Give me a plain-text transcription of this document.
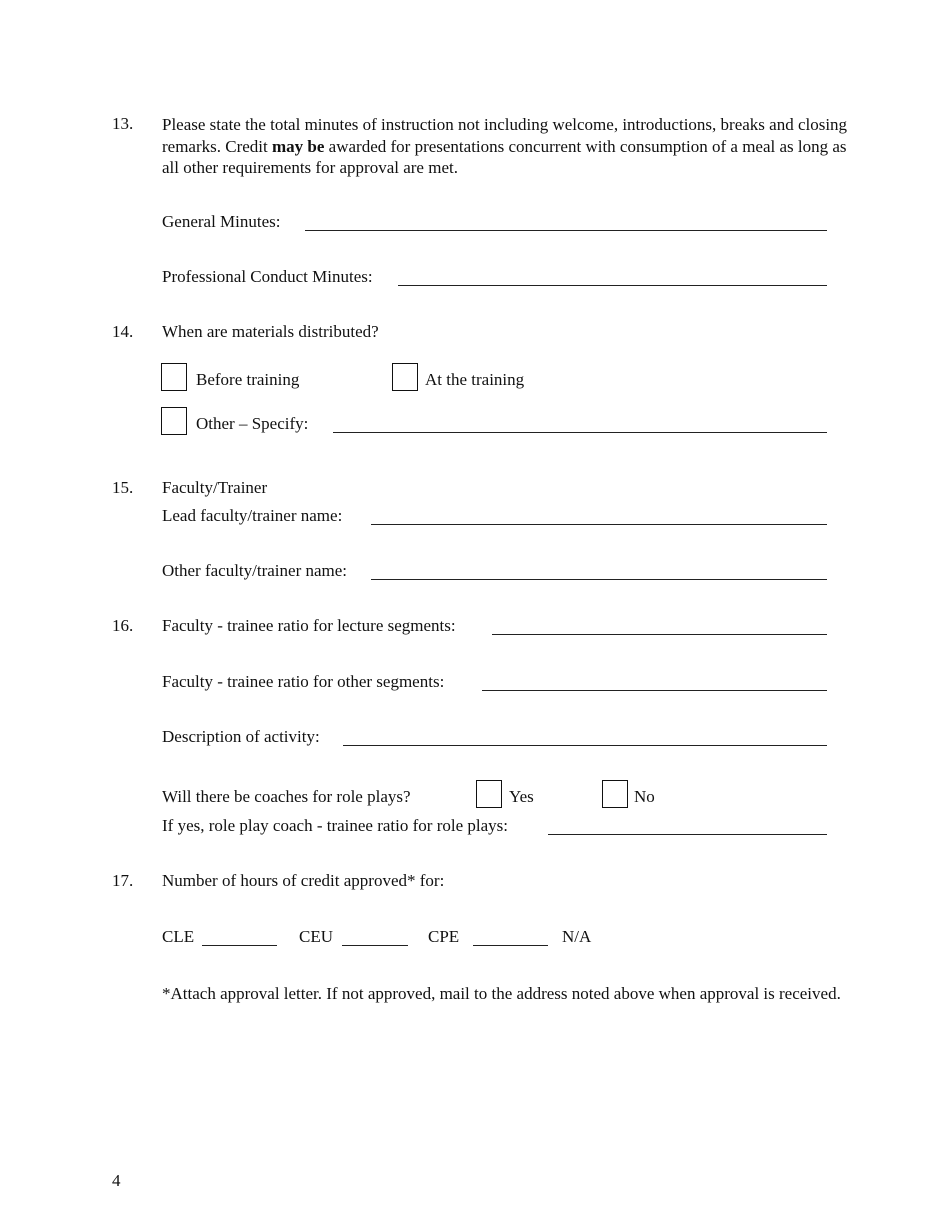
13. Please state the total minutes of instruction not including welcome, introductions, breaks and closing remarks. Credit may be awarded for presentations concurrent with consumption of a meal as long as all other requirements for approval are met.
General Minutes:
Professional Conduct Minutes:
14. When are materials distributed?
Before training	At the training
Other – Specify:
15. Faculty/Trainer
Lead faculty/trainer name:
Other faculty/trainer name:
16. Faculty - trainee ratio for lecture segments:
Faculty - trainee ratio for other segments:
Description of activity:
Will there be coaches for role plays?	Yes	No
If yes, role play coach - trainee ratio for role plays:
17. Number of hours of credit approved* for:
CLE	CEU	CPE	N/A
*Attach approval letter. If not approved, mail to the address noted above when approval is received.
4
